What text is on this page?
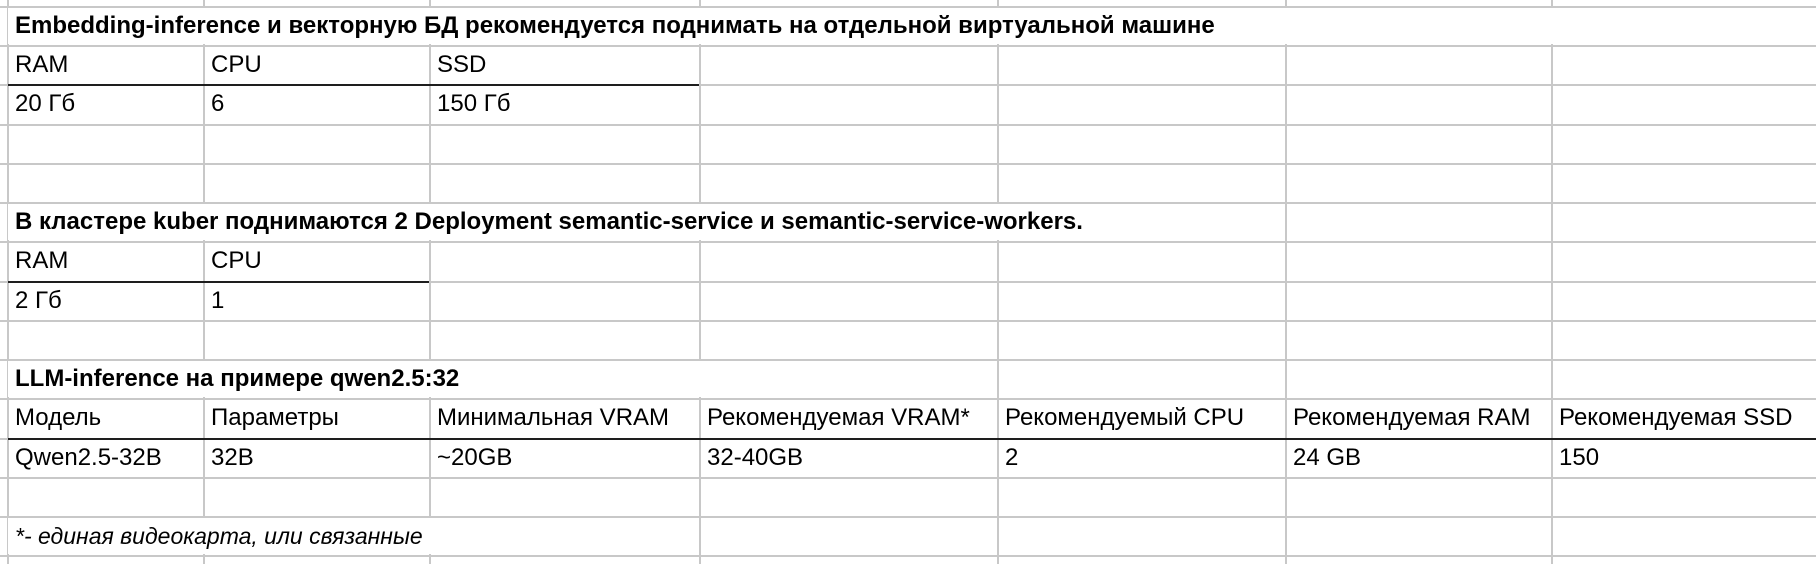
Embedding-inference и векторную БД рекомендуется поднимать на отдельной виртуальной машине
RAM	CPU	SSD
20 Гб	6	150 Гб
В кластере kuber поднимаются 2 Deployment semantic-service и semantic-service-workers.
RAM	CPU
2 Гб	1
LLM-inference на примере qwen2.5:32
Модель	Параметры	Минимальная VRAM	Рекомендуемая VRAM*	Рекомендуемый CPU	Рекомендуемая RAM	Рекомендуемая SSD
Qwen2.5-32B	32B	~20GB	32-40GB	2	24 GB	150
*- единая видеокарта, или связанные
